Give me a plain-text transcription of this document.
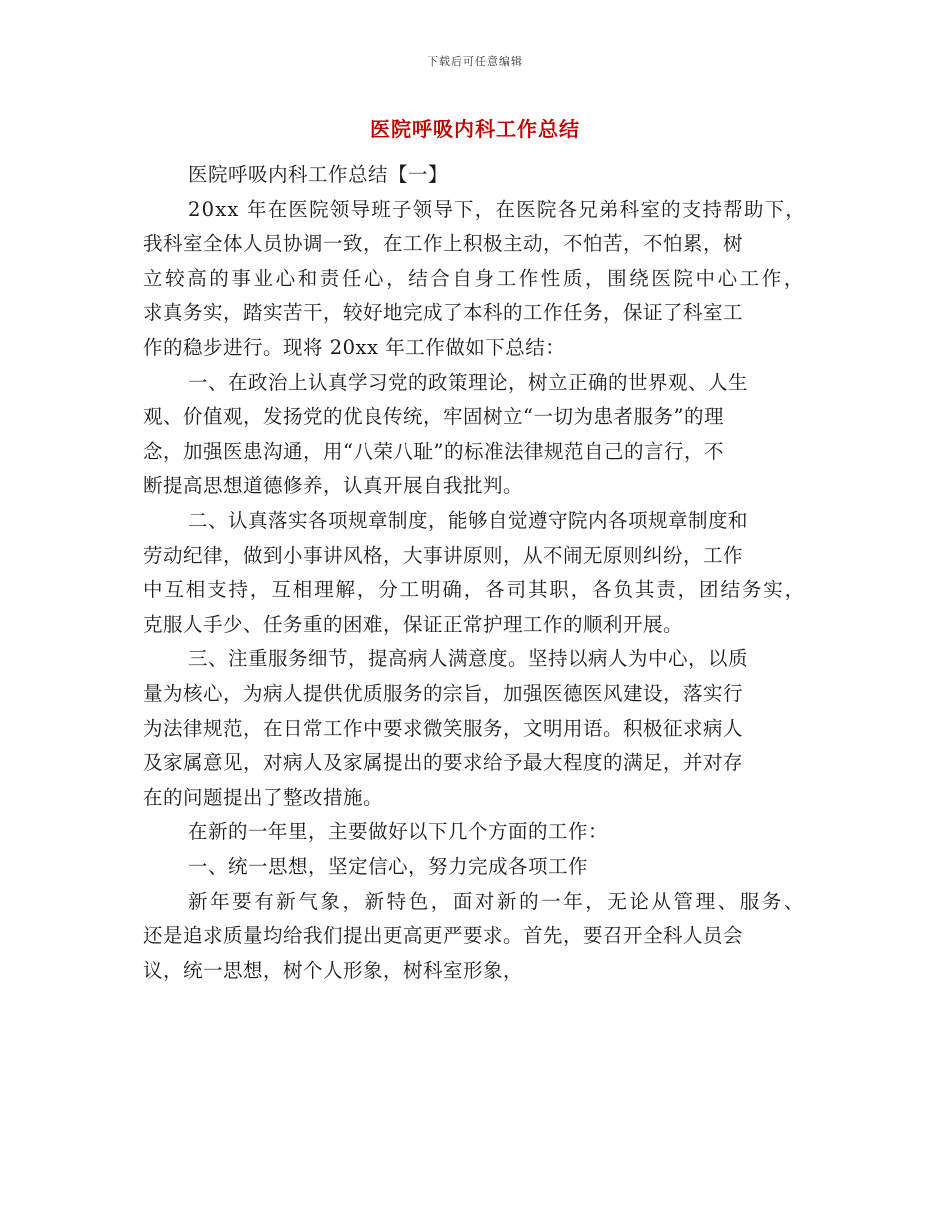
下载后可任意编辑
医院呼吸内科工作总结
医院呼吸内科工作总结【一】
20xx 年在医院领导班子领导下，在医院各兄弟科室的支持帮助下，
我科室全体人员协调一致，在工作上积极主动，不怕苦，不怕累，树
立较高的事业心和责任心，结合自身工作性质，围绕医院中心工作，
求真务实，踏实苦干，较好地完成了本科的工作任务，保证了科室工
作的稳步进行。现将 20xx 年工作做如下总结：
一、在政治上认真学习党的政策理论，树立正确的世界观、人生
观、价值观，发扬党的优良传统，牢固树立“一切为患者服务”的理
念，加强医患沟通，用“八荣八耻”的标准法律规范自己的言行，不
断提高思想道德修养，认真开展自我批判。
二、认真落实各项规章制度，能够自觉遵守院内各项规章制度和
劳动纪律，做到小事讲风格，大事讲原则，从不闹无原则纠纷，工作
中互相支持，互相理解，分工明确，各司其职，各负其责，团结务实，
克服人手少、任务重的困难，保证正常护理工作的顺利开展。
三、注重服务细节，提高病人满意度。坚持以病人为中心，以质
量为核心，为病人提供优质服务的宗旨，加强医德医风建设，落实行
为法律规范，在日常工作中要求微笑服务，文明用语。积极征求病人
及家属意见，对病人及家属提出的要求给予最大程度的满足，并对存
在的问题提出了整改措施。
在新的一年里，主要做好以下几个方面的工作：
一、统一思想，坚定信心，努力完成各项工作
新年要有新气象，新特色，面对新的一年，无论从管理、服务、
还是追求质量均给我们提出更高更严要求。首先，要召开全科人员会
议，统一思想，树个人形象，树科室形象，
